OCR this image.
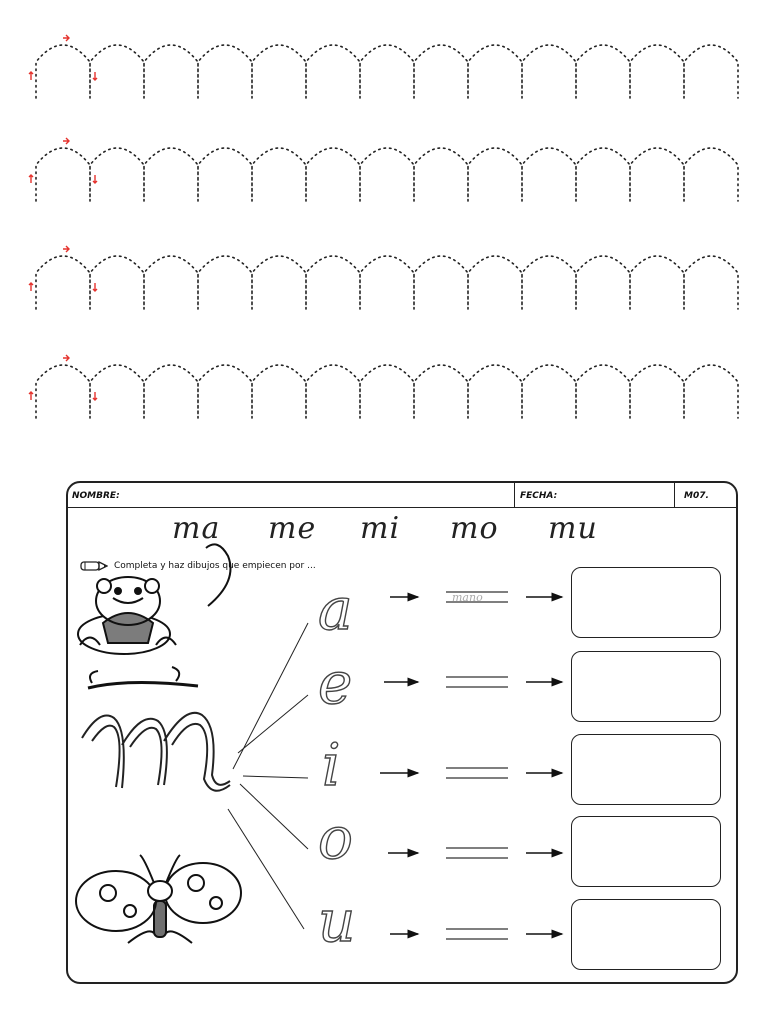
NOMBRE:	FECHA:	M07.
ma me mi mo mu
Completa y haz dibujos que empiecen por ...
a
e
i
o
u
mano
